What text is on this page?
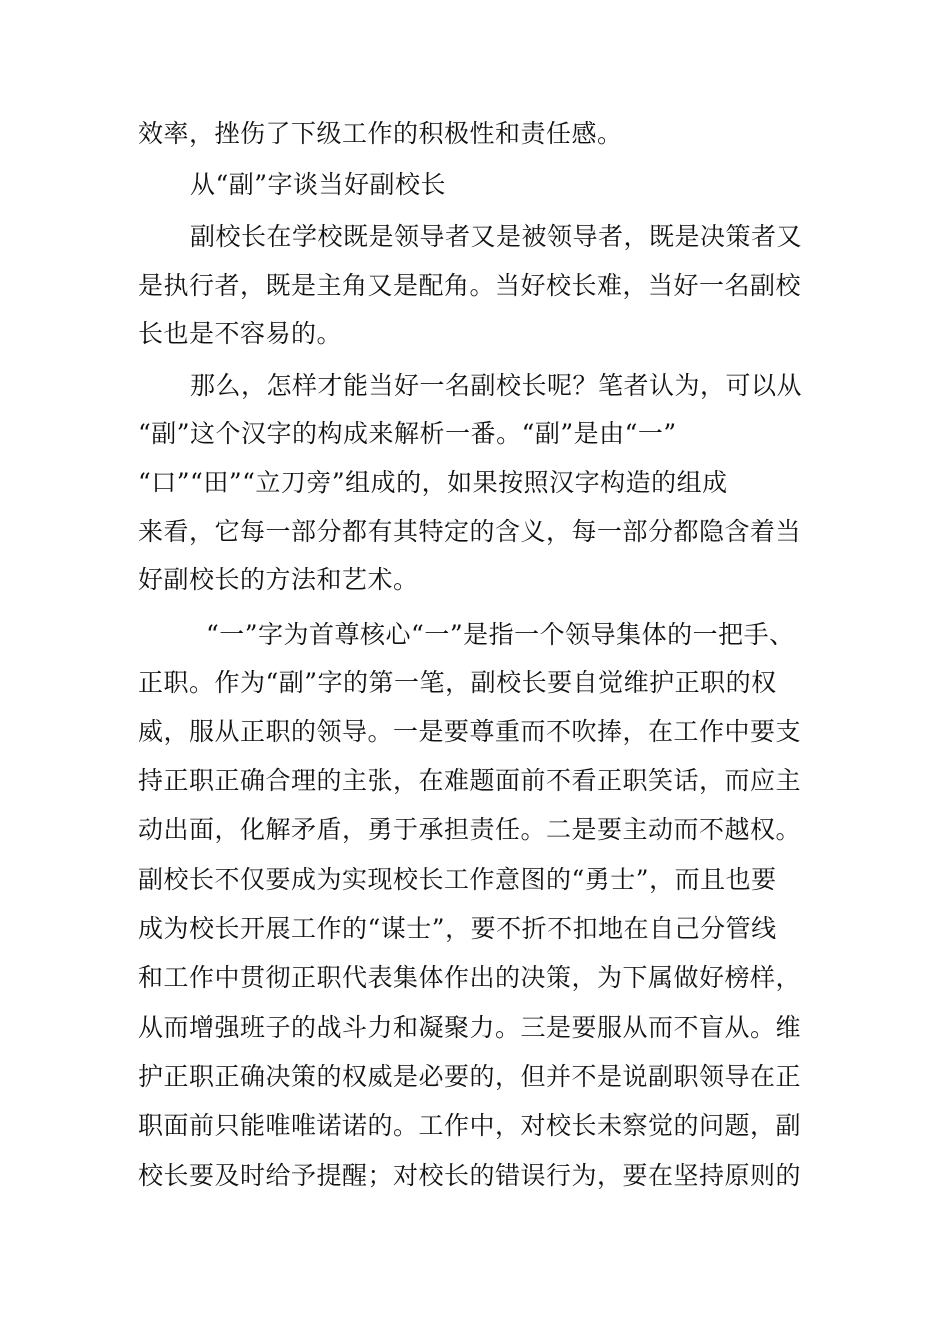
效率，挫伤了下级工作的积极性和责任感。
从“副”字谈当好副校长
副校长在学校既是领导者又是被领导者，既是决策者又
是执行者，既是主角又是配角。当好校长难，当好一名副校
长也是不容易的。
那么，怎样才能当好一名副校长呢？笔者认为，可以从
“副”这个汉字的构成来解析一番。“副”是由“一”
“口”“田”“立刀旁”组成的，如果按照汉字构造的组成
来看，它每一部分都有其特定的含义，每一部分都隐含着当
好副校长的方法和艺术。
“一”字为首尊核心“一”是指一个领导集体的一把手、
正职。作为“副”字的第一笔，副校长要自觉维护正职的权
威，服从正职的领导。一是要尊重而不吹捧，在工作中要支
持正职正确合理的主张，在难题面前不看正职笑话，而应主
动出面，化解矛盾，勇于承担责任。二是要主动而不越权。
副校长不仅要成为实现校长工作意图的“勇士”，而且也要
成为校长开展工作的“谋士”，要不折不扣地在自己分管线
和工作中贯彻正职代表集体作出的决策，为下属做好榜样，
从而增强班子的战斗力和凝聚力。三是要服从而不盲从。维
护正职正确决策的权威是必要的，但并不是说副职领导在正
职面前只能唯唯诺诺的。工作中，对校长未察觉的问题，副
校长要及时给予提醒；对校长的错误行为，要在坚持原则的
